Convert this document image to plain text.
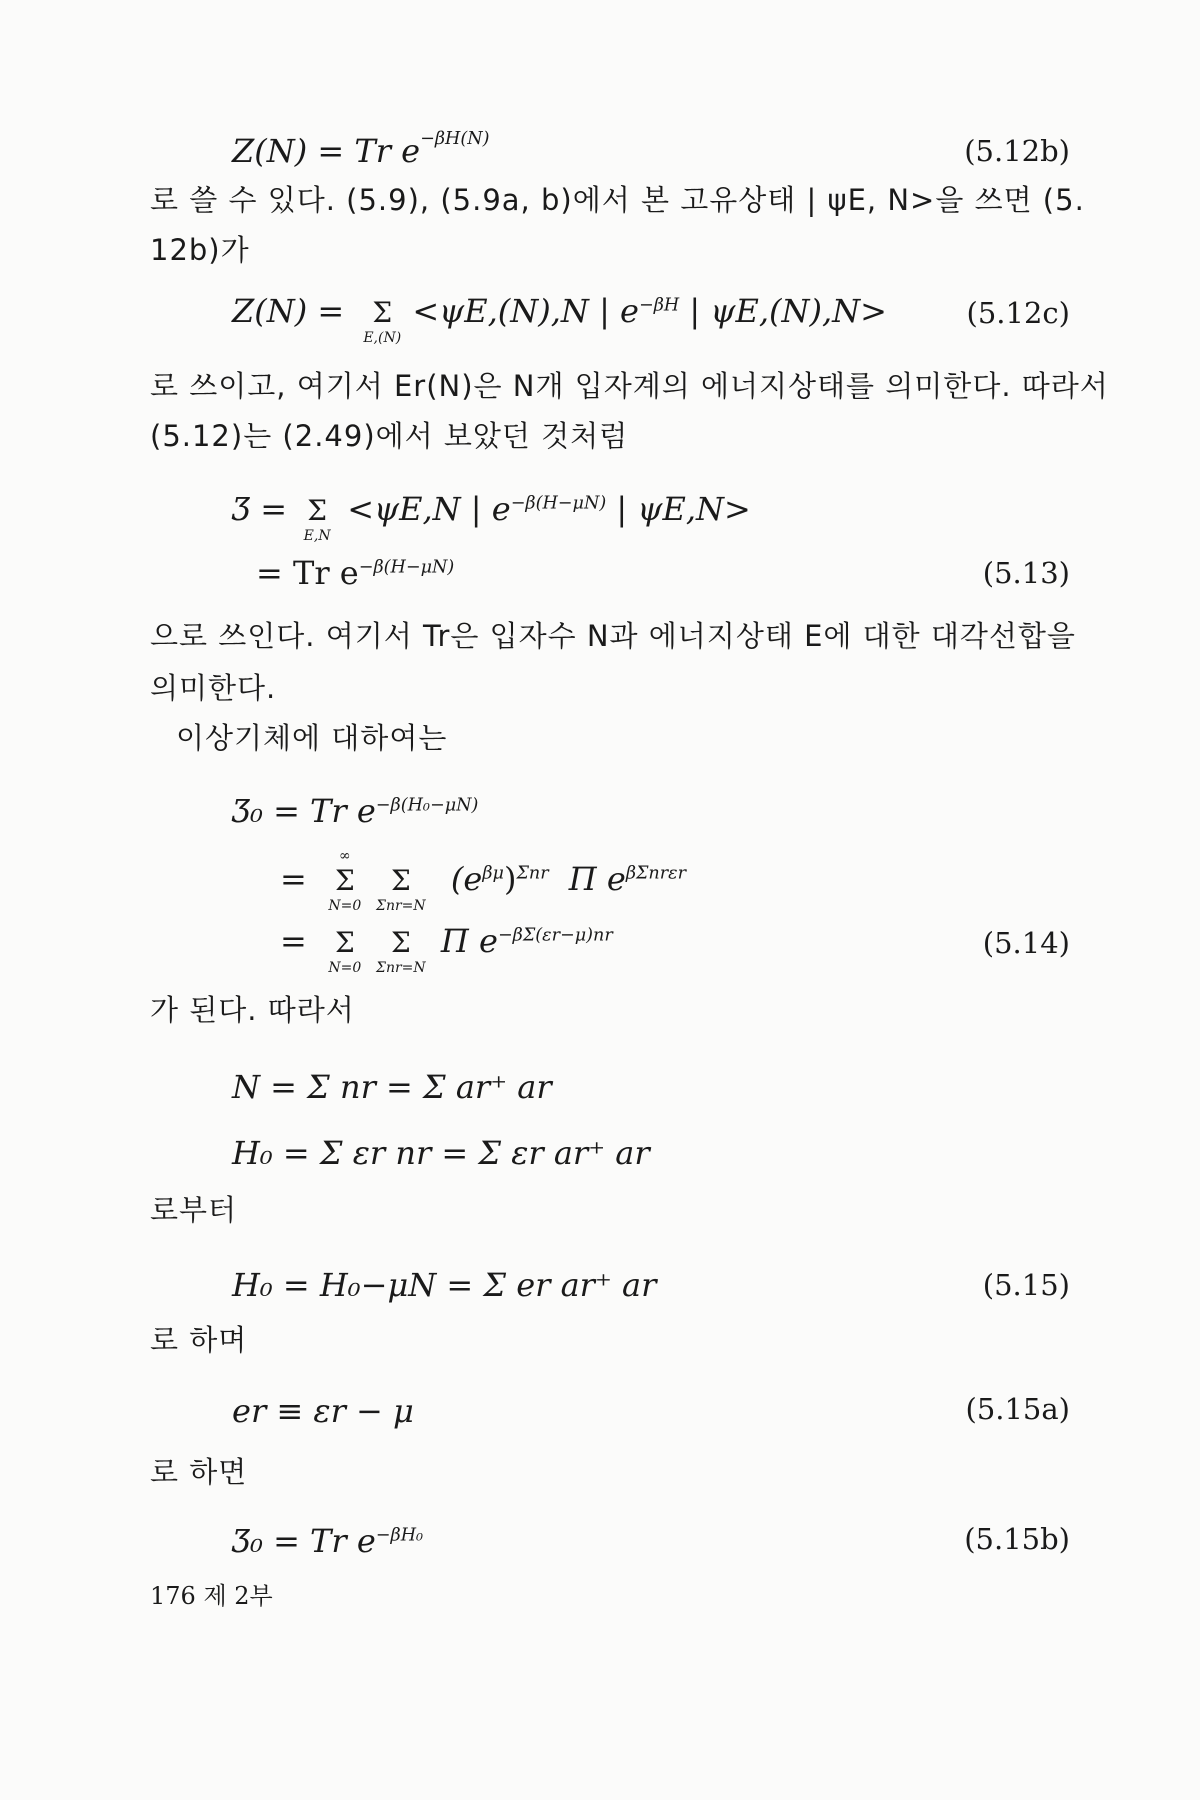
Z(N) = Tr $e^{-\beta H(N)}$	(5.12b)
로 쓸 수 있다. (5.9), (5.9a, b)에서 본 고유상태 | ψE, N>을 쓰면 (5.
12b)가
Z(N) = Σ
E,(N)
<ψE,(N),N | $e^{-\beta H}$ | ψE,(N),N>	(5.12c)
로 쓰이고, 여기서 Er(N)은 N개 입자계의 에너지상태를 의미한다. 따라서
(5.12)는 (2.49)에서 보았던 것처럼
Ʒ = Σ
E,N
<ψE,N | $e^{-\beta(H-\mu N)}$ | ψE,N>
= Tr $e^{-\beta(H-\mu N)}$	(5.13)
으로 쓰인다. 여기서 Tr은 입자수 N과 에너지상태 E에 대한 대각선합을
의미한다.
이상기체에 대하여는
Ʒ₀ = Tr $e^{-\beta(H_0-\mu N)}$
= Σ
∞
N=0
Σ
Σnr=N
$(e^{\beta\mu})^{\Sigma nr}$ Π $e^{\beta\Sigma nr\varepsilon r}$
= Σ
N=0
Σ
Σnr=N
Π $e^{-\beta\Sigma(\varepsilon r-\mu)nr}$	(5.14)
가 된다. 따라서
N = Σ nr = Σ ar⁺ ar
H₀ = Σ εr nr = Σ εr ar⁺ ar
로부터
H₀ = H₀−μN = Σ er ar⁺ ar	(5.15)
로 하며
er ≡ εr − μ	(5.15a)
로 하면
Ʒ₀ = Tr $e^{-\beta H_0}$	(5.15b)
176 제 2부
